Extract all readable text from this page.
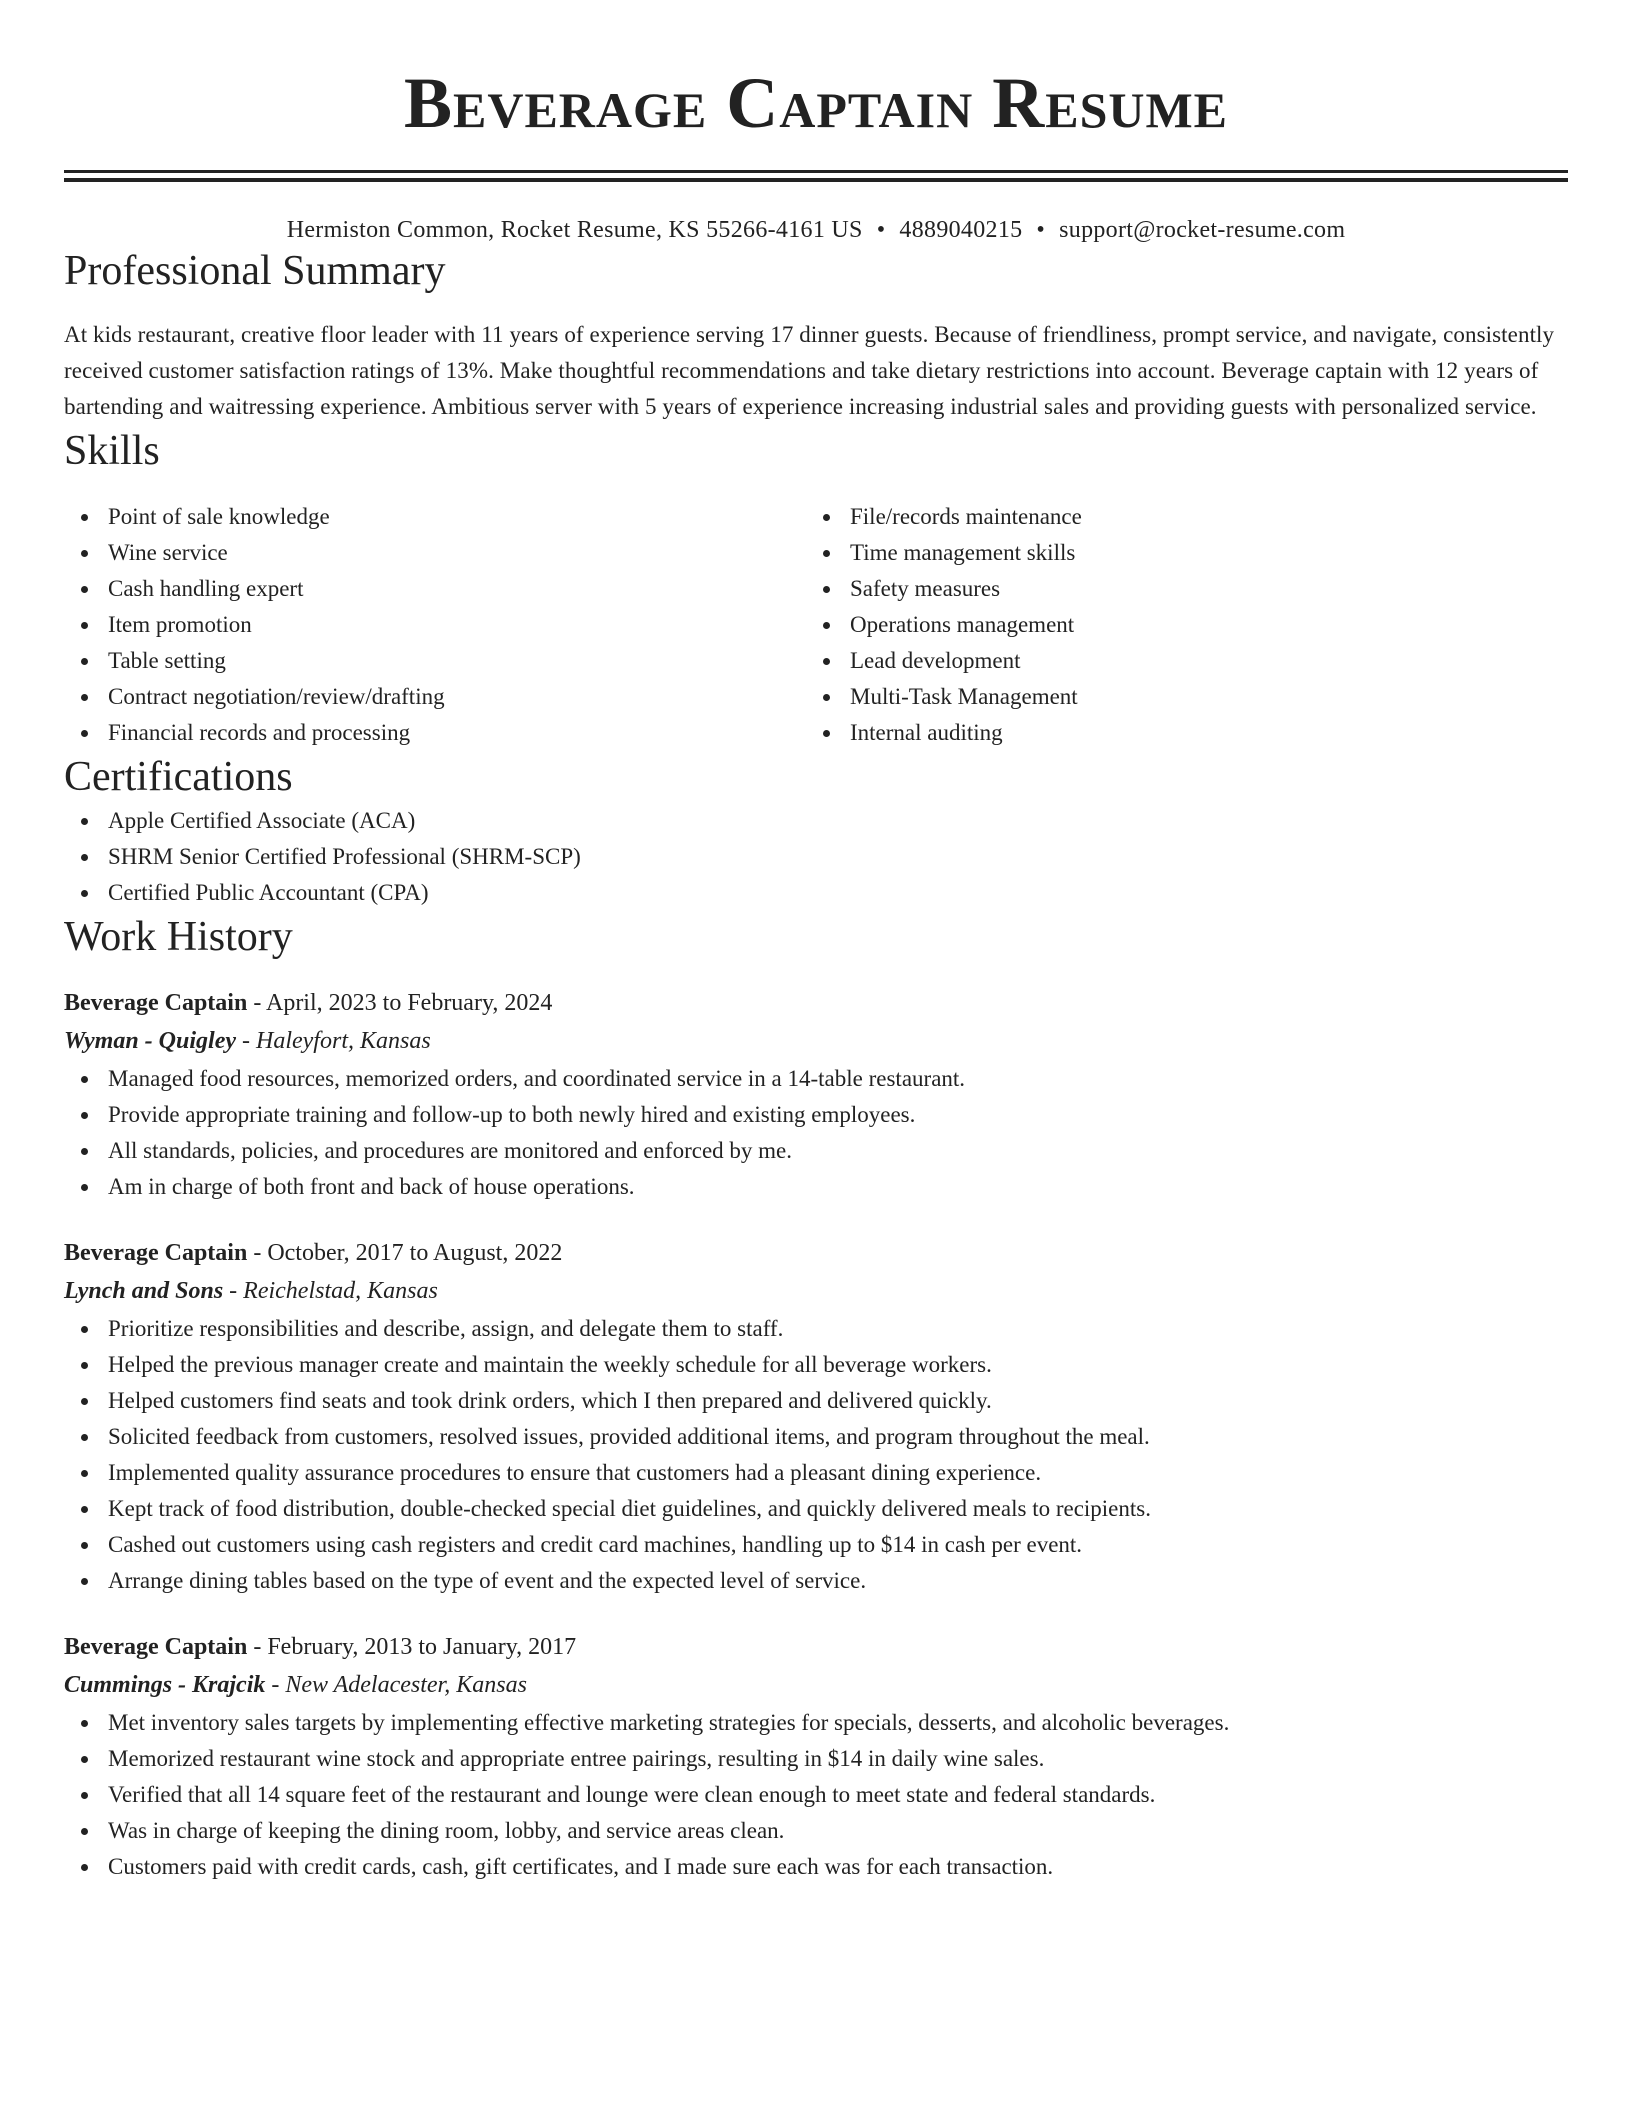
Beverage Captain Resume
Hermiston Common, Rocket Resume, KS 55266-4161 US • 4889040215 • support@rocket-resume.com
Professional Summary
At kids restaurant, creative floor leader with 11 years of experience serving 17 dinner guests. Because of friendliness, prompt service, and navigate, consistently received customer satisfaction ratings of 13%. Make thoughtful recommendations and take dietary restrictions into account. Beverage captain with 12 years of bartending and waitressing experience. Ambitious server with 5 years of experience increasing industrial sales and providing guests with personalized service.
Skills
Point of sale knowledge
Wine service
Cash handling expert
Item promotion
Table setting
Contract negotiation/review/drafting
Financial records and processing
File/records maintenance
Time management skills
Safety measures
Operations management
Lead development
Multi-Task Management
Internal auditing
Certifications
Apple Certified Associate (ACA)
SHRM Senior Certified Professional (SHRM-SCP)
Certified Public Accountant (CPA)
Work History
Beverage Captain - April, 2023 to February, 2024
Wyman - Quigley - Haleyfort, Kansas
Managed food resources, memorized orders, and coordinated service in a 14-table restaurant.
Provide appropriate training and follow-up to both newly hired and existing employees.
All standards, policies, and procedures are monitored and enforced by me.
Am in charge of both front and back of house operations.
Beverage Captain - October, 2017 to August, 2022
Lynch and Sons - Reichelstad, Kansas
Prioritize responsibilities and describe, assign, and delegate them to staff.
Helped the previous manager create and maintain the weekly schedule for all beverage workers.
Helped customers find seats and took drink orders, which I then prepared and delivered quickly.
Solicited feedback from customers, resolved issues, provided additional items, and program throughout the meal.
Implemented quality assurance procedures to ensure that customers had a pleasant dining experience.
Kept track of food distribution, double-checked special diet guidelines, and quickly delivered meals to recipients.
Cashed out customers using cash registers and credit card machines, handling up to $14 in cash per event.
Arrange dining tables based on the type of event and the expected level of service.
Beverage Captain - February, 2013 to January, 2017
Cummings - Krajcik - New Adelacester, Kansas
Met inventory sales targets by implementing effective marketing strategies for specials, desserts, and alcoholic beverages.
Memorized restaurant wine stock and appropriate entree pairings, resulting in $14 in daily wine sales.
Verified that all 14 square feet of the restaurant and lounge were clean enough to meet state and federal standards.
Was in charge of keeping the dining room, lobby, and service areas clean.
Customers paid with credit cards, cash, gift certificates, and I made sure each was for each transaction.
